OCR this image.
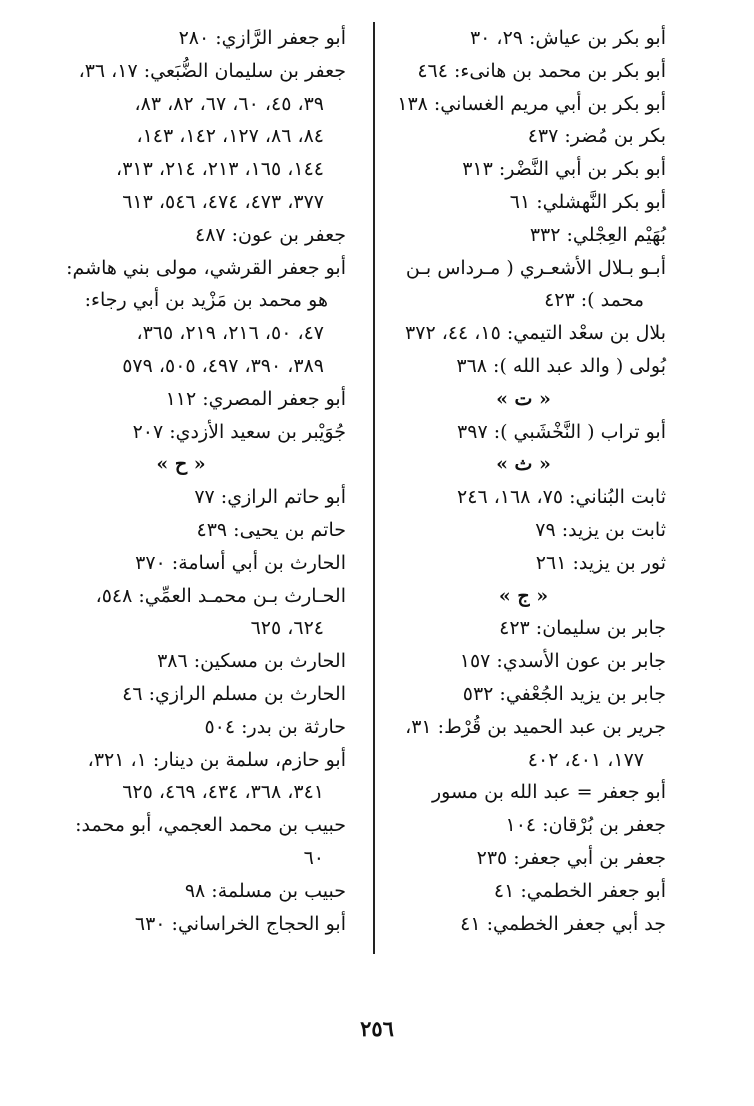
أبو بكر بن عياش: ٢٩، ٣٠
أبو بكر بن محمد بن هانىء: ٤٦٤
أبو بكر بن أبي مريم الغساني: ١٣٨
بكر بن مُضر: ٤٣٧
أبو بكر بن أبي النَّضْر: ٣١٣
أبو بكر النَّهشلي: ٦١
بُهَيْم العِجْلي: ٣٣٢
أبـو بـلال الأشعـري ( مـرداس بـن
محمد ): ٤٢٣
بلال بن سعْد التيمي: ١٥، ٤٤، ٣٧٢
بُولى ( والد عبد الله ): ٣٦٨
« ت »
أبو تراب ( النَّخْشَبي ): ٣٩٧
« ث »
ثابت البُناني: ٧٥، ١٦٨، ٢٤٦
ثابت بن يزيد: ٧٩
ثور بن يزيد: ٢٦١
« ج »
جابر بن سليمان: ٤٢٣
جابر بن عون الأسدي: ١٥٧
جابر بن يزيد الجُعْفي: ٥٣٢
جرير بن عبد الحميد بن قُرْط: ٣١،
١٧٧، ٤٠١، ٤٠٢
أبو جعفر = عبد الله بن مسور
جعفر بن بُرْقان: ١٠٤
جعفر بن أبي جعفر: ٢٣٥
أبو جعفر الخطمي: ٤١
جد أبي جعفر الخطمي: ٤١
أبو جعفر الرَّازي: ٢٨٠
جعفر بن سليمان الضُّبَعي: ١٧، ٣٦،
٣٩، ٤٥، ٦٠، ٦٧، ٨٢، ٨٣،
٨٤، ٨٦، ١٢٧، ١٤٢، ١٤٣،
١٤٤، ١٦٥، ٢١٣، ٢١٤، ٣١٣،
٣٧٧، ٤٧٣، ٤٧٤، ٥٤٦، ٦١٣
جعفر بن عون: ٤٨٧
أبو جعفر القرشي، مولى بني هاشم:
هو محمد بن مَزْيد بن أبي رجاء:
٤٧، ٥٠، ٢١٦، ٢١٩، ٣٦٥،
٣٨٩، ٣٩٠، ٤٩٧، ٥٠٥، ٥٧٩
أبو جعفر المصري: ١١٢
جُوَيْبر بن سعيد الأزدي: ٢٠٧
« ح »
أبو حاتم الرازي: ٧٧
حاتم بن يحيى: ٤٣٩
الحارث بن أبي أسامة: ٣٧٠
الحـارث بـن محمـد العمِّي: ٥٤٨،
٦٢٤، ٦٢٥
الحارث بن مسكين: ٣٨٦
الحارث بن مسلم الرازي: ٤٦
حارثة بن بدر: ٥٠٤
أبو حازم، سلمة بن دينار: ١، ٣٢١،
٣٤١، ٣٦٨، ٤٣٤، ٤٦٩، ٦٢٥
حبيب بن محمد العجمي، أبو محمد:
٦٠
حبيب بن مسلمة: ٩٨
أبو الحجاج الخراساني: ٦٣٠
٢٥٦
